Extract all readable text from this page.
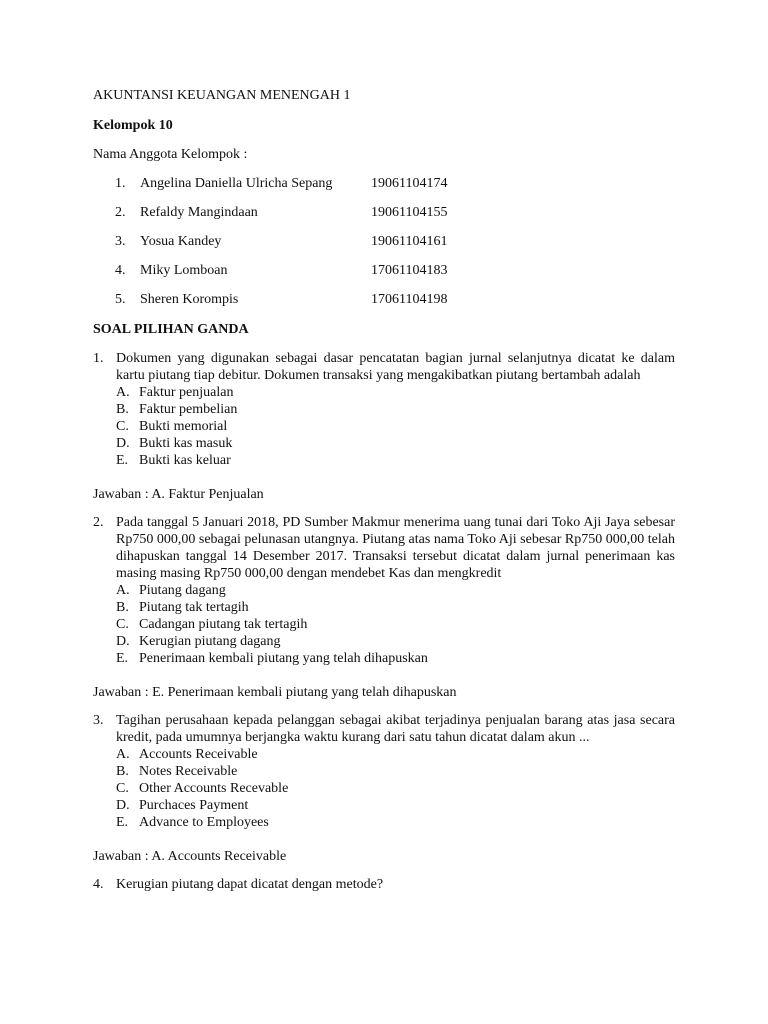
AKUNTANSI KEUANGAN MENENGAH 1
Kelompok 10
Nama Anggota Kelompok :
1.	Angelina Daniella Ulricha Sepang	19061104174
2.	Refaldy Mangindaan	19061104155
3.	Yosua Kandey	19061104161
4.	Miky Lomboan	17061104183
5.	Sheren Korompis	17061104198
SOAL PILIHAN GANDA
1. Dokumen yang digunakan sebagai dasar pencatatan bagian jurnal selanjutnya dicatat ke dalam kartu piutang tiap debitur. Dokumen transaksi yang mengakibatkan piutang bertambah adalah

A. Faktur penjualan
B. Faktur pembelian
C. Bukti memorial
D. Bukti kas masuk
E. Bukti kas keluar
Jawaban : A. Faktur Penjualan
2. Pada tanggal 5 Januari 2018, PD Sumber Makmur menerima uang tunai dari Toko Aji Jaya sebesar Rp750 000,00 sebagai pelunasan utangnya. Piutang atas nama Toko Aji sebesar Rp750 000,00 telah dihapuskan tanggal 14 Desember 2017. Transaksi tersebut dicatat dalam jurnal penerimaan kas masing masing Rp750 000,00 dengan mendebet Kas dan mengkredit

A. Piutang dagang
B. Piutang tak tertagih
C. Cadangan piutang tak tertagih
D. Kerugian piutang dagang
E. Penerimaan kembali piutang yang telah dihapuskan
Jawaban : E. Penerimaan kembali piutang yang telah dihapuskan
3. Tagihan perusahaan kepada pelanggan sebagai akibat terjadinya penjualan barang atas jasa secara kredit, pada umumnya berjangka waktu kurang dari satu tahun dicatat dalam akun ...

A. Accounts Receivable
B. Notes Receivable
C. Other Accounts Recevable
D. Purchaces Payment
E. Advance to Employees
Jawaban : A. Accounts Receivable
4. Kerugian piutang dapat dicatat dengan metode?
